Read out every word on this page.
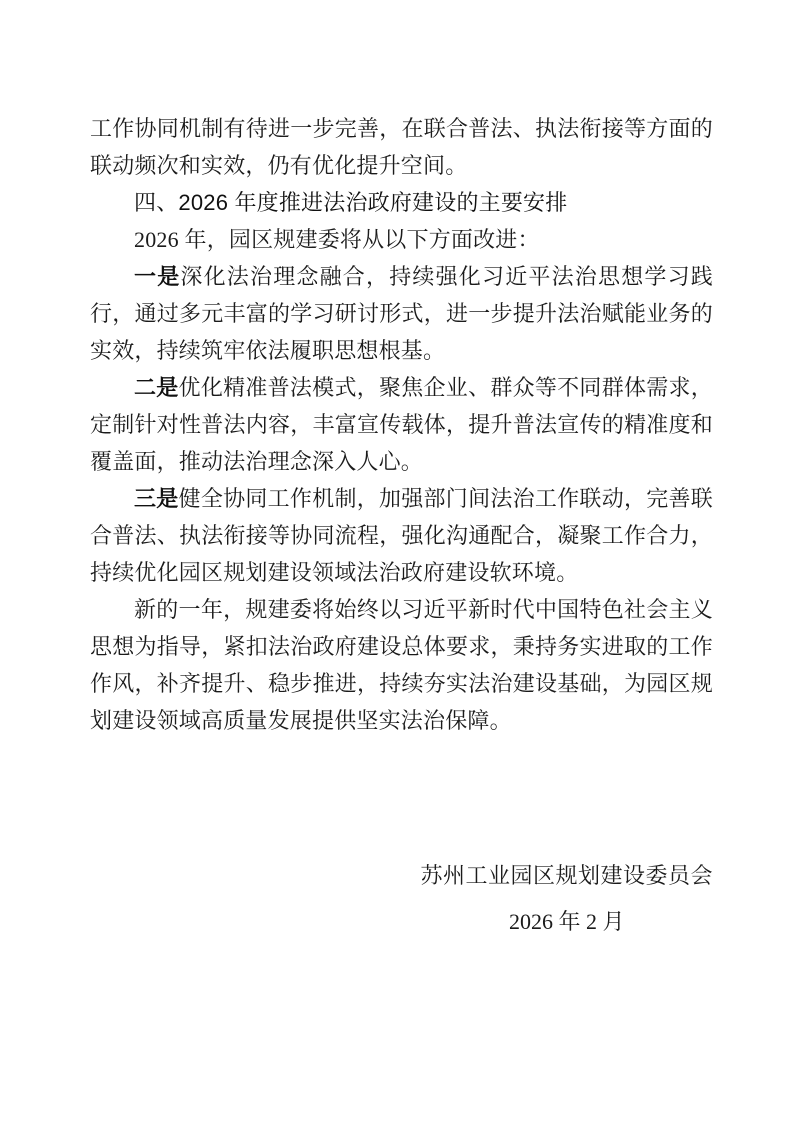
工作协同机制有待进一步完善，在联合普法、执法衔接等方面的联动频次和实效，仍有优化提升空间。

四、2026 年度推进法治政府建设的主要安排

2026 年，园区规建委将从以下方面改进：

一是深化法治理念融合，持续强化习近平法治思想学习践行，通过多元丰富的学习研讨形式，进一步提升法治赋能业务的实效，持续筑牢依法履职思想根基。

二是优化精准普法模式，聚焦企业、群众等不同群体需求，定制针对性普法内容，丰富宣传载体，提升普法宣传的精准度和覆盖面，推动法治理念深入人心。

三是健全协同工作机制，加强部门间法治工作联动，完善联合普法、执法衔接等协同流程，强化沟通配合，凝聚工作合力，持续优化园区规划建设领域法治政府建设软环境。

新的一年，规建委将始终以习近平新时代中国特色社会主义思想为指导，紧扣法治政府建设总体要求，秉持务实进取的工作作风，补齐提升、稳步推进，持续夯实法治建设基础，为园区规划建设领域高质量发展提供坚实法治保障。

苏州工业园区规划建设委员会
2026 年 2 月
